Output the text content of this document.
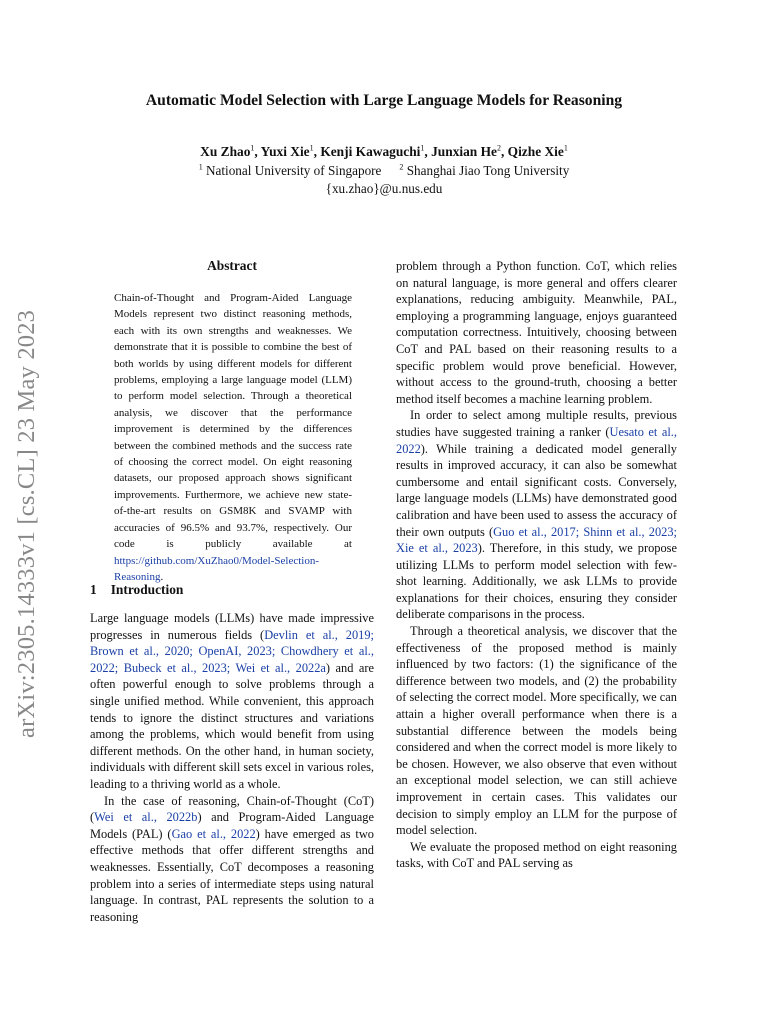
arXiv:2305.14333v1 [cs.CL] 23 May 2023
Automatic Model Selection with Large Language Models for Reasoning
Xu Zhao$^1$, Yuxi Xie$^1$, Kenji Kawaguchi$^1$, Junxian He$^2$, Qizhe Xie$^1$
$^1$ National University of Singapore $^2$ Shanghai Jiao Tong University
{xu.zhao}@u.nus.edu
Abstract
Chain-of-Thought and Program-Aided Language Models represent two distinct reasoning methods, each with its own strengths and weaknesses. We demonstrate that it is possible to combine the best of both worlds by using different models for different problems, employing a large language model (LLM) to perform model selection. Through a theoretical analysis, we discover that the performance improvement is determined by the differences between the combined methods and the success rate of choosing the correct model. On eight reasoning datasets, our proposed approach shows significant improvements. Furthermore, we achieve new state-of-the-art results on GSM8K and SVAMP with accuracies of 96.5% and 93.7%, respectively. Our code is publicly available at https://github.com/XuZhao0/Model-Selection-Reasoning.
1 Introduction

Large language models (LLMs) have made impressive progresses in numerous fields (Devlin et al., 2019; Brown et al., 2020; OpenAI, 2023; Chowdhery et al., 2022; Bubeck et al., 2023; Wei et al., 2022a) and are often powerful enough to solve problems through a single unified method. While convenient, this approach tends to ignore the distinct structures and variations among the problems, which would benefit from using different methods. On the other hand, in human society, individuals with different skill sets excel in various roles, leading to a thriving world as a whole.

In the case of reasoning, Chain-of-Thought (CoT) (Wei et al., 2022b) and Program-Aided Language Models (PAL) (Gao et al., 2022) have emerged as two effective methods that offer different strengths and weaknesses. Essentially, CoT decomposes a reasoning problem into a series of intermediate steps using natural language. In contrast, PAL represents the solution to a reasoning

problem through a Python function. CoT, which relies on natural language, is more general and offers clearer explanations, reducing ambiguity. Meanwhile, PAL, employing a programming language, enjoys guaranteed computation correctness. Intuitively, choosing between CoT and PAL based on their reasoning results to a specific problem would prove beneficial. However, without access to the ground-truth, choosing a better method itself becomes a machine learning problem.

In order to select among multiple results, previous studies have suggested training a ranker (Uesato et al., 2022). While training a dedicated model generally results in improved accuracy, it can also be somewhat cumbersome and entail significant costs. Conversely, large language models (LLMs) have demonstrated good calibration and have been used to assess the accuracy of their own outputs (Guo et al., 2017; Shinn et al., 2023; Xie et al., 2023). Therefore, in this study, we propose utilizing LLMs to perform model selection with few-shot learning. Additionally, we ask LLMs to provide explanations for their choices, ensuring they consider deliberate comparisons in the process.

Through a theoretical analysis, we discover that the effectiveness of the proposed method is mainly influenced by two factors: (1) the significance of the difference between two models, and (2) the probability of selecting the correct model. More specifically, we can attain a higher overall performance when there is a substantial difference between the models being considered and when the correct model is more likely to be chosen. However, we also observe that even without an exceptional model selection, we can still achieve improvement in certain cases. This validates our decision to simply employ an LLM for the purpose of model selection.

We evaluate the proposed method on eight reasoning tasks, with CoT and PAL serving as
